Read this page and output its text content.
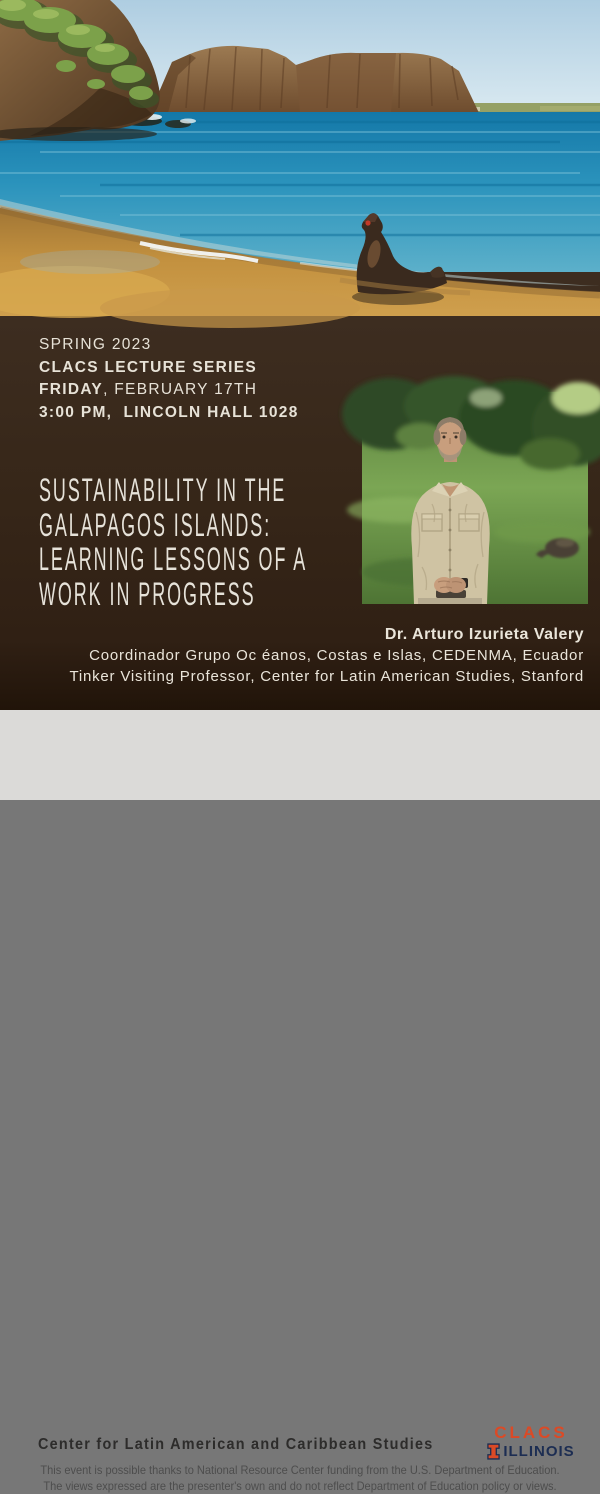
SPRING 2023
CLACS LECTURE SERIES
FRIDAY, FEBRUARY 17TH
3:00 PM,  LINCOLN HALL 1028
SUSTAINABILITY IN THE
GALAPAGOS ISLANDS:
LEARNING LESSONS OF A
WORK IN PROGRESS
Dr. Arturo Izurieta Valery
Coordinador Grupo Oc éanos, Costas e Islas, CEDENMA, Ecuador
Tinker Visiting Professor, Center for Latin American Studies, Stanford
Center for Latin American and Caribbean Studies
CLACS
ILLINOIS
This event is possible thanks to National Resource Center funding from the U.S. Department of Education.
The views expressed are the presenter's own and do not reflect Department of Education policy or views.
